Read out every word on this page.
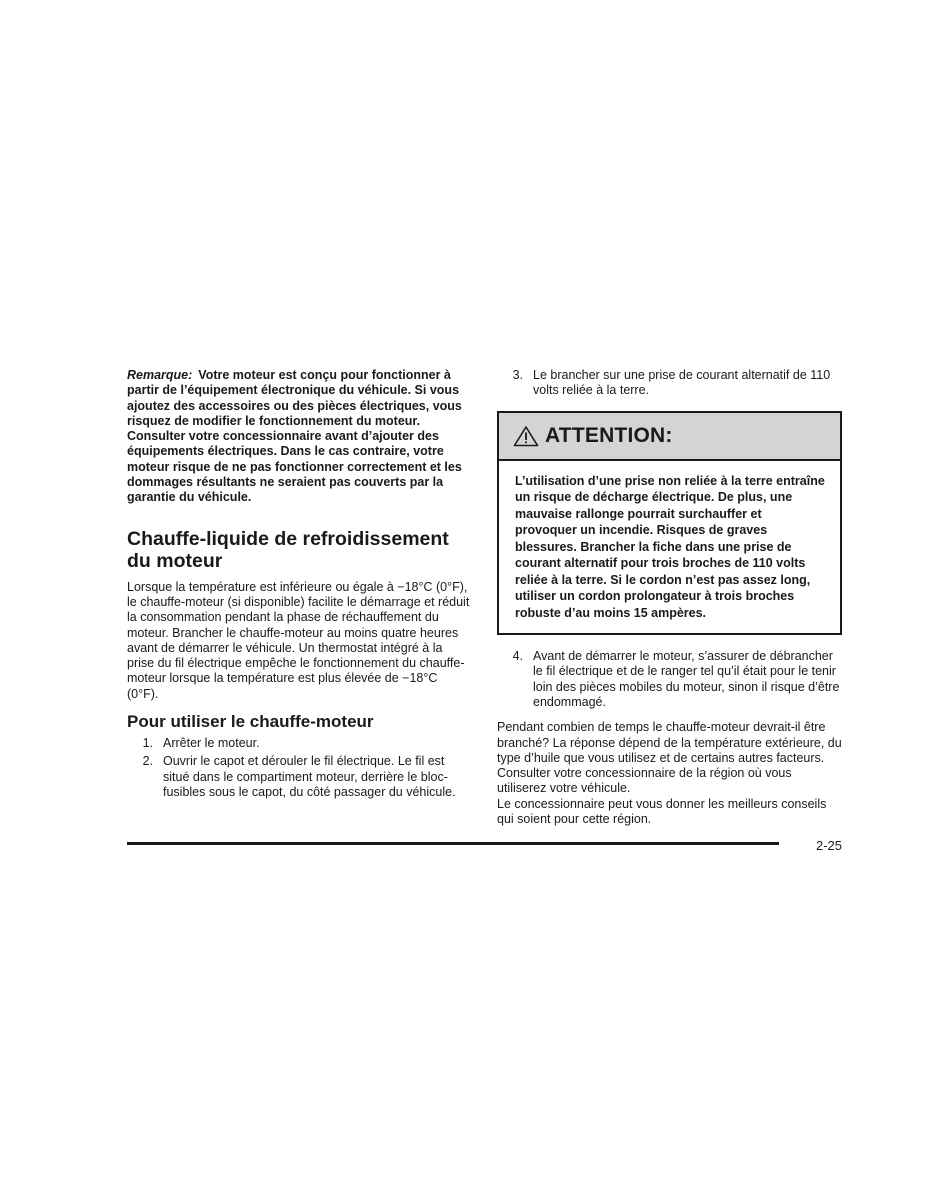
Remarque: Votre moteur est conçu pour fonctionner à partir de l’équipement électronique du véhicule. Si vous ajoutez des accessoires ou des pièces électriques, vous risquez de modifier le fonctionnement du moteur. Consulter votre concessionnaire avant d’ajouter des équipements électriques. Dans le cas contraire, votre moteur risque de ne pas fonctionner correctement et les dommages résultants ne seraient pas couverts par la garantie du véhicule.

Chauffe-liquide de refroidissement du moteur

Lorsque la température est inférieure ou égale à −18°C (0°F), le chauffe-moteur (si disponible) facilite le démarrage et réduit la consommation pendant la phase de réchauffement du moteur. Brancher le chauffe-moteur au moins quatre heures avant de démarrer le véhicule. Un thermostat intégré à la prise du fil électrique empêche le fonctionnement du chauffe-moteur lorsque la température est plus élevée de −18°C (0°F).

Pour utiliser le chauffe-moteur
1. Arrêter le moteur.
2. Ouvrir le capot et dérouler le fil électrique. Le fil est situé dans le compartiment moteur, derrière le bloc-fusibles sous le capot, du côté passager du véhicule.
3. Le brancher sur une prise de courant alternatif de 110 volts reliée à la terre.
ATTENTION:

L’utilisation d’une prise non reliée à la terre entraîne un risque de décharge électrique. De plus, une mauvaise rallonge pourrait surchauffer et provoquer un incendie. Risques de graves blessures. Brancher la fiche dans une prise de courant alternatif pour trois broches de 110 volts reliée à la terre. Si le cordon n’est pas assez long, utiliser un cordon prolongateur à trois broches robuste d’au moins 15 ampères.

4. Avant de démarrer le moteur, s’assurer de débrancher le fil électrique et de le ranger tel qu’il était pour le tenir loin des pièces mobiles du moteur, sinon il risque d’être endommagé.

Pendant combien de temps le chauffe-moteur devrait-il être branché? La réponse dépend de la température extérieure, du type d’huile que vous utilisez et de certains autres facteurs. Consulter votre concessionnaire de la région où vous utiliserez votre véhicule.

Le concessionnaire peut vous donner les meilleurs conseils qui soient pour cette région.

2-25
